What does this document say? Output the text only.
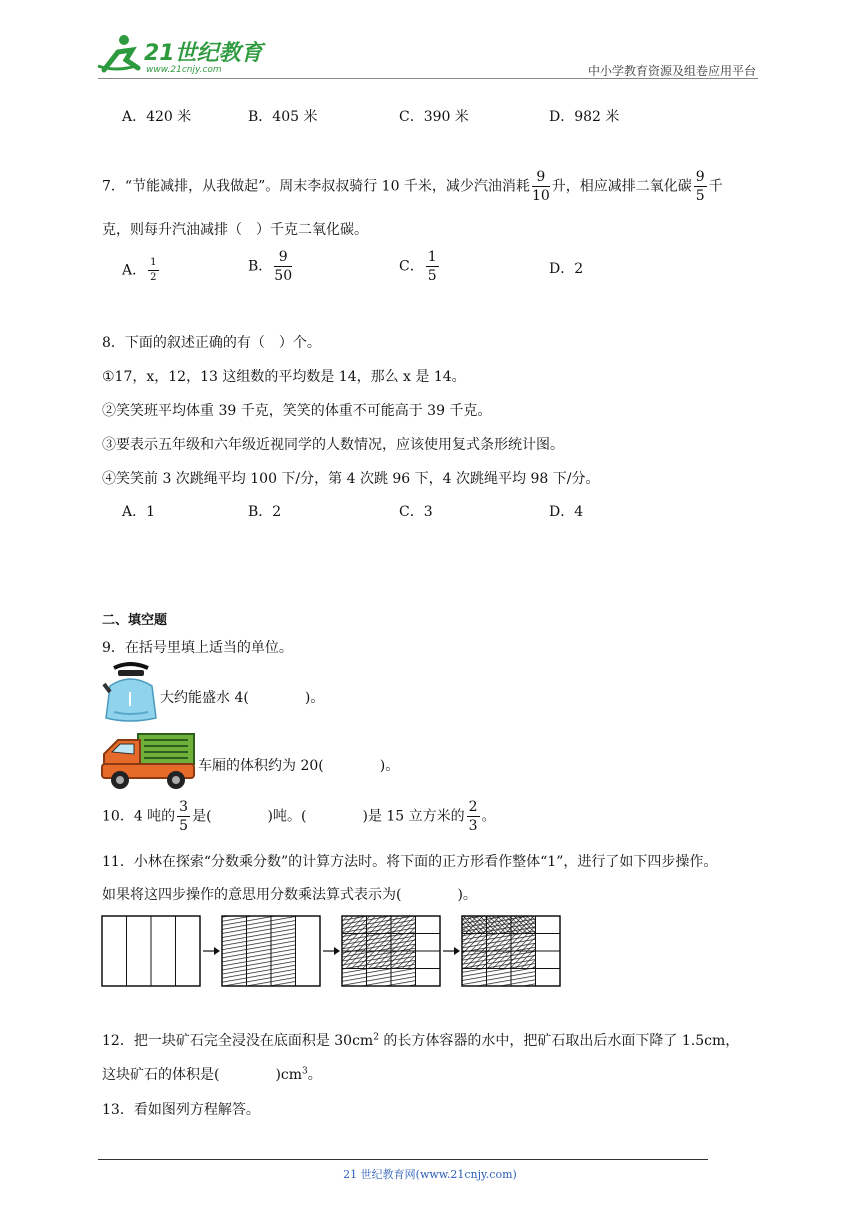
21世纪教育
www.21cnjy.com	中小学教育资源及组卷应用平台
A．420 米	B．405 米	C．390 米	D．982 米
7．“节能减排，从我做起”。周末李叔叔骑行 10 千米，减少汽油消耗 $\frac{9}{10}$ 升，相应减排二氧化碳 $\frac{9}{5}$ 千
克，则每升汽油减排（　）千克二氧化碳。
A． $\frac{1}{2}$	B． $\frac{9}{50}$	C． $\frac{1}{5}$	D．2
8．下面的叙述正确的有（　）个。
①17，x，12，13 这组数的平均数是 14，那么 x 是 14。
②笑笑班平均体重 39 千克，笑笑的体重不可能高于 39 千克。
③要表示五年级和六年级近视同学的人数情况，应该使用复式条形统计图。
④笑笑前 3 次跳绳平均 100 下/分，第 4 次跳 96 下，4 次跳绳平均 98 下/分。
A．1	B．2	C．3	D．4
二、填空题
9．在括号里填上适当的单位。
大约能盛水 4(　　　　)。
车厢的体积约为 20(　　　　)。
10．4 吨的 $\frac{3}{5}$ 是(　　　　)吨。(　　　　)是 15 立方米的 $\frac{2}{3}$ 。
11．小林在探索“分数乘分数”的计算方法时。将下面的正方形看作整体“1”，进行了如下四步操作。
如果将这四步操作的意思用分数乘法算式表示为(　　　　)。
12．把一块矿石完全浸没在底面积是 $30cm^2$ 的长方体容器的水中，把矿石取出后水面下降了 1.5cm，
这块矿石的体积是(　　　　)$cm^3$。
13．看如图列方程解答。
21 世纪教育网(www.21cnjy.com)
